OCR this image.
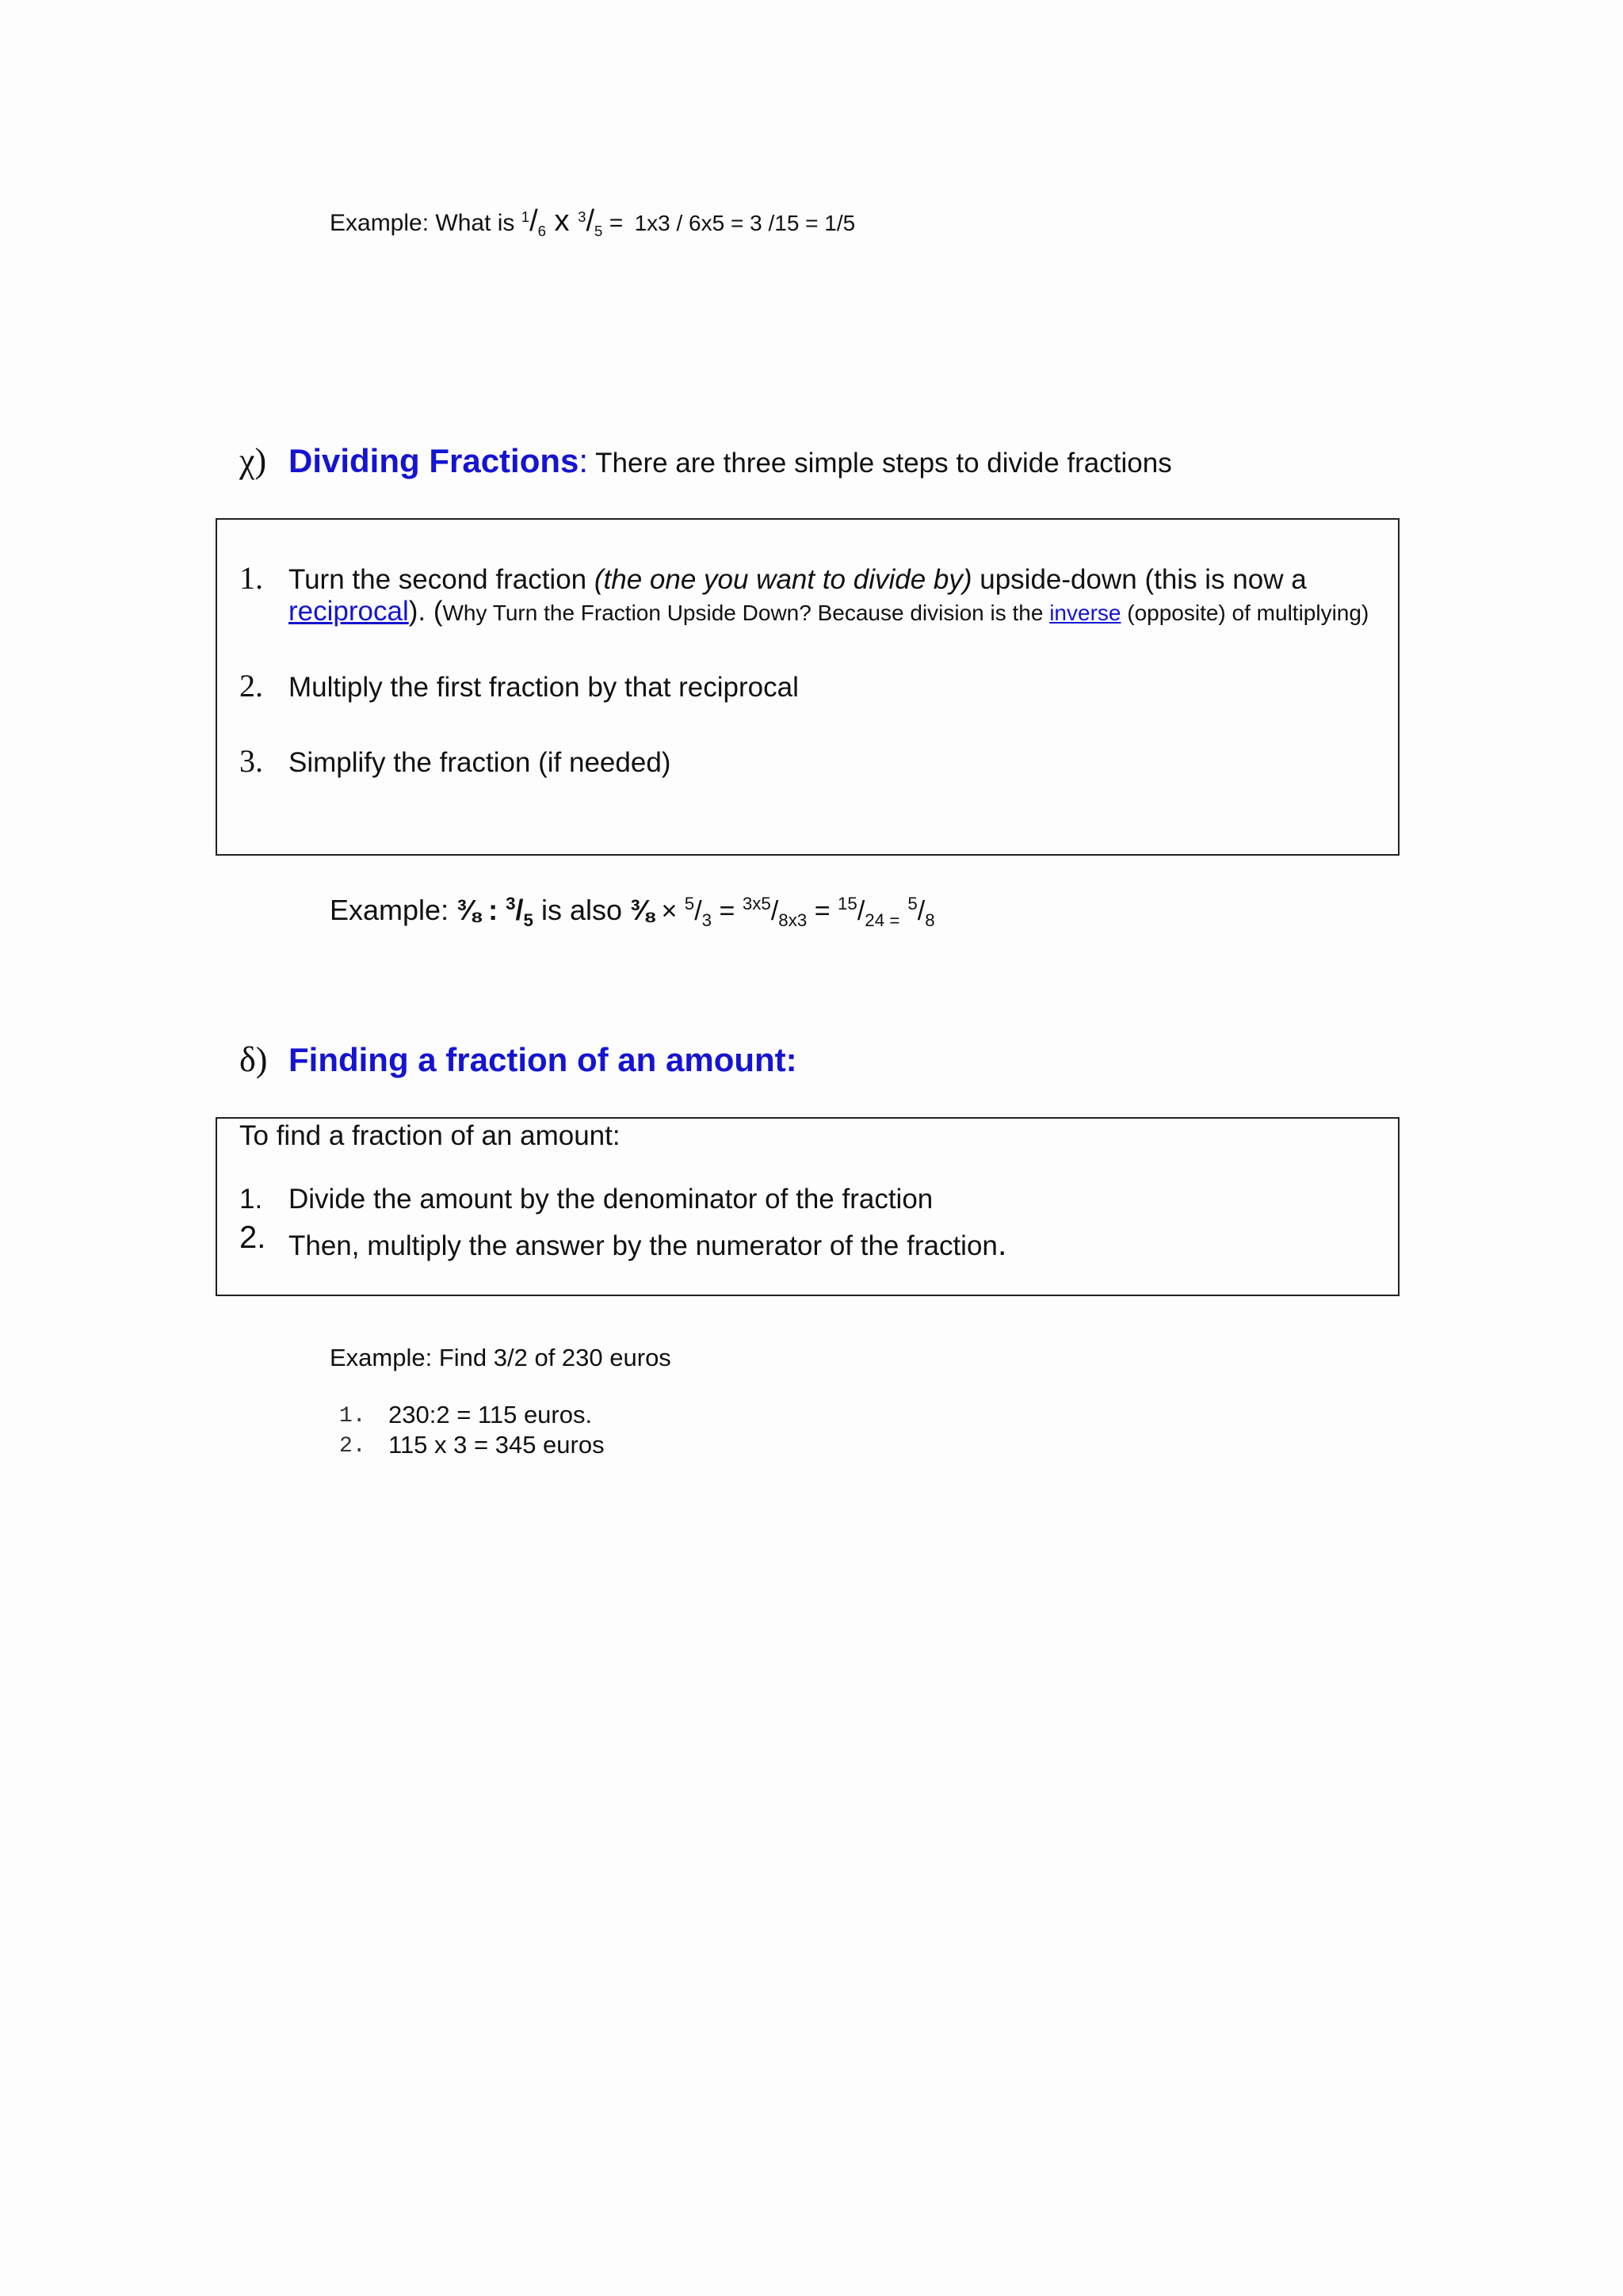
Example: What is $^1/_6$ x $^3/_5 = 1x3 / 6x5 = 3$ /15 = 1/5
χ) Dividing Fractions: There are three simple steps to divide fractions
1. Turn the second fraction (the one you want to divide by) upside-down (this is now a
reciprocal). (Why Turn the Fraction Upside Down? Because division is the inverse (opposite) of multiplying)
2. Multiply the first fraction by that reciprocal
3. Simplify the fraction (if needed)
Example: ⅜ : $^3/_5$ is also ⅜ × $^5/_3 = ^{3x5}/_{8x3} = ^{15}/_{24 =}$ $^5/_8$
δ) Finding a fraction of an amount:
To find a fraction of an amount:
1. Divide the amount by the denominator of the fraction
2. Then, multiply the answer by the numerator of the fraction.
Example: Find 3/2 of 230 euros
1. 230:2 = 115 euros.
2. 115 x 3 = 345 euros
